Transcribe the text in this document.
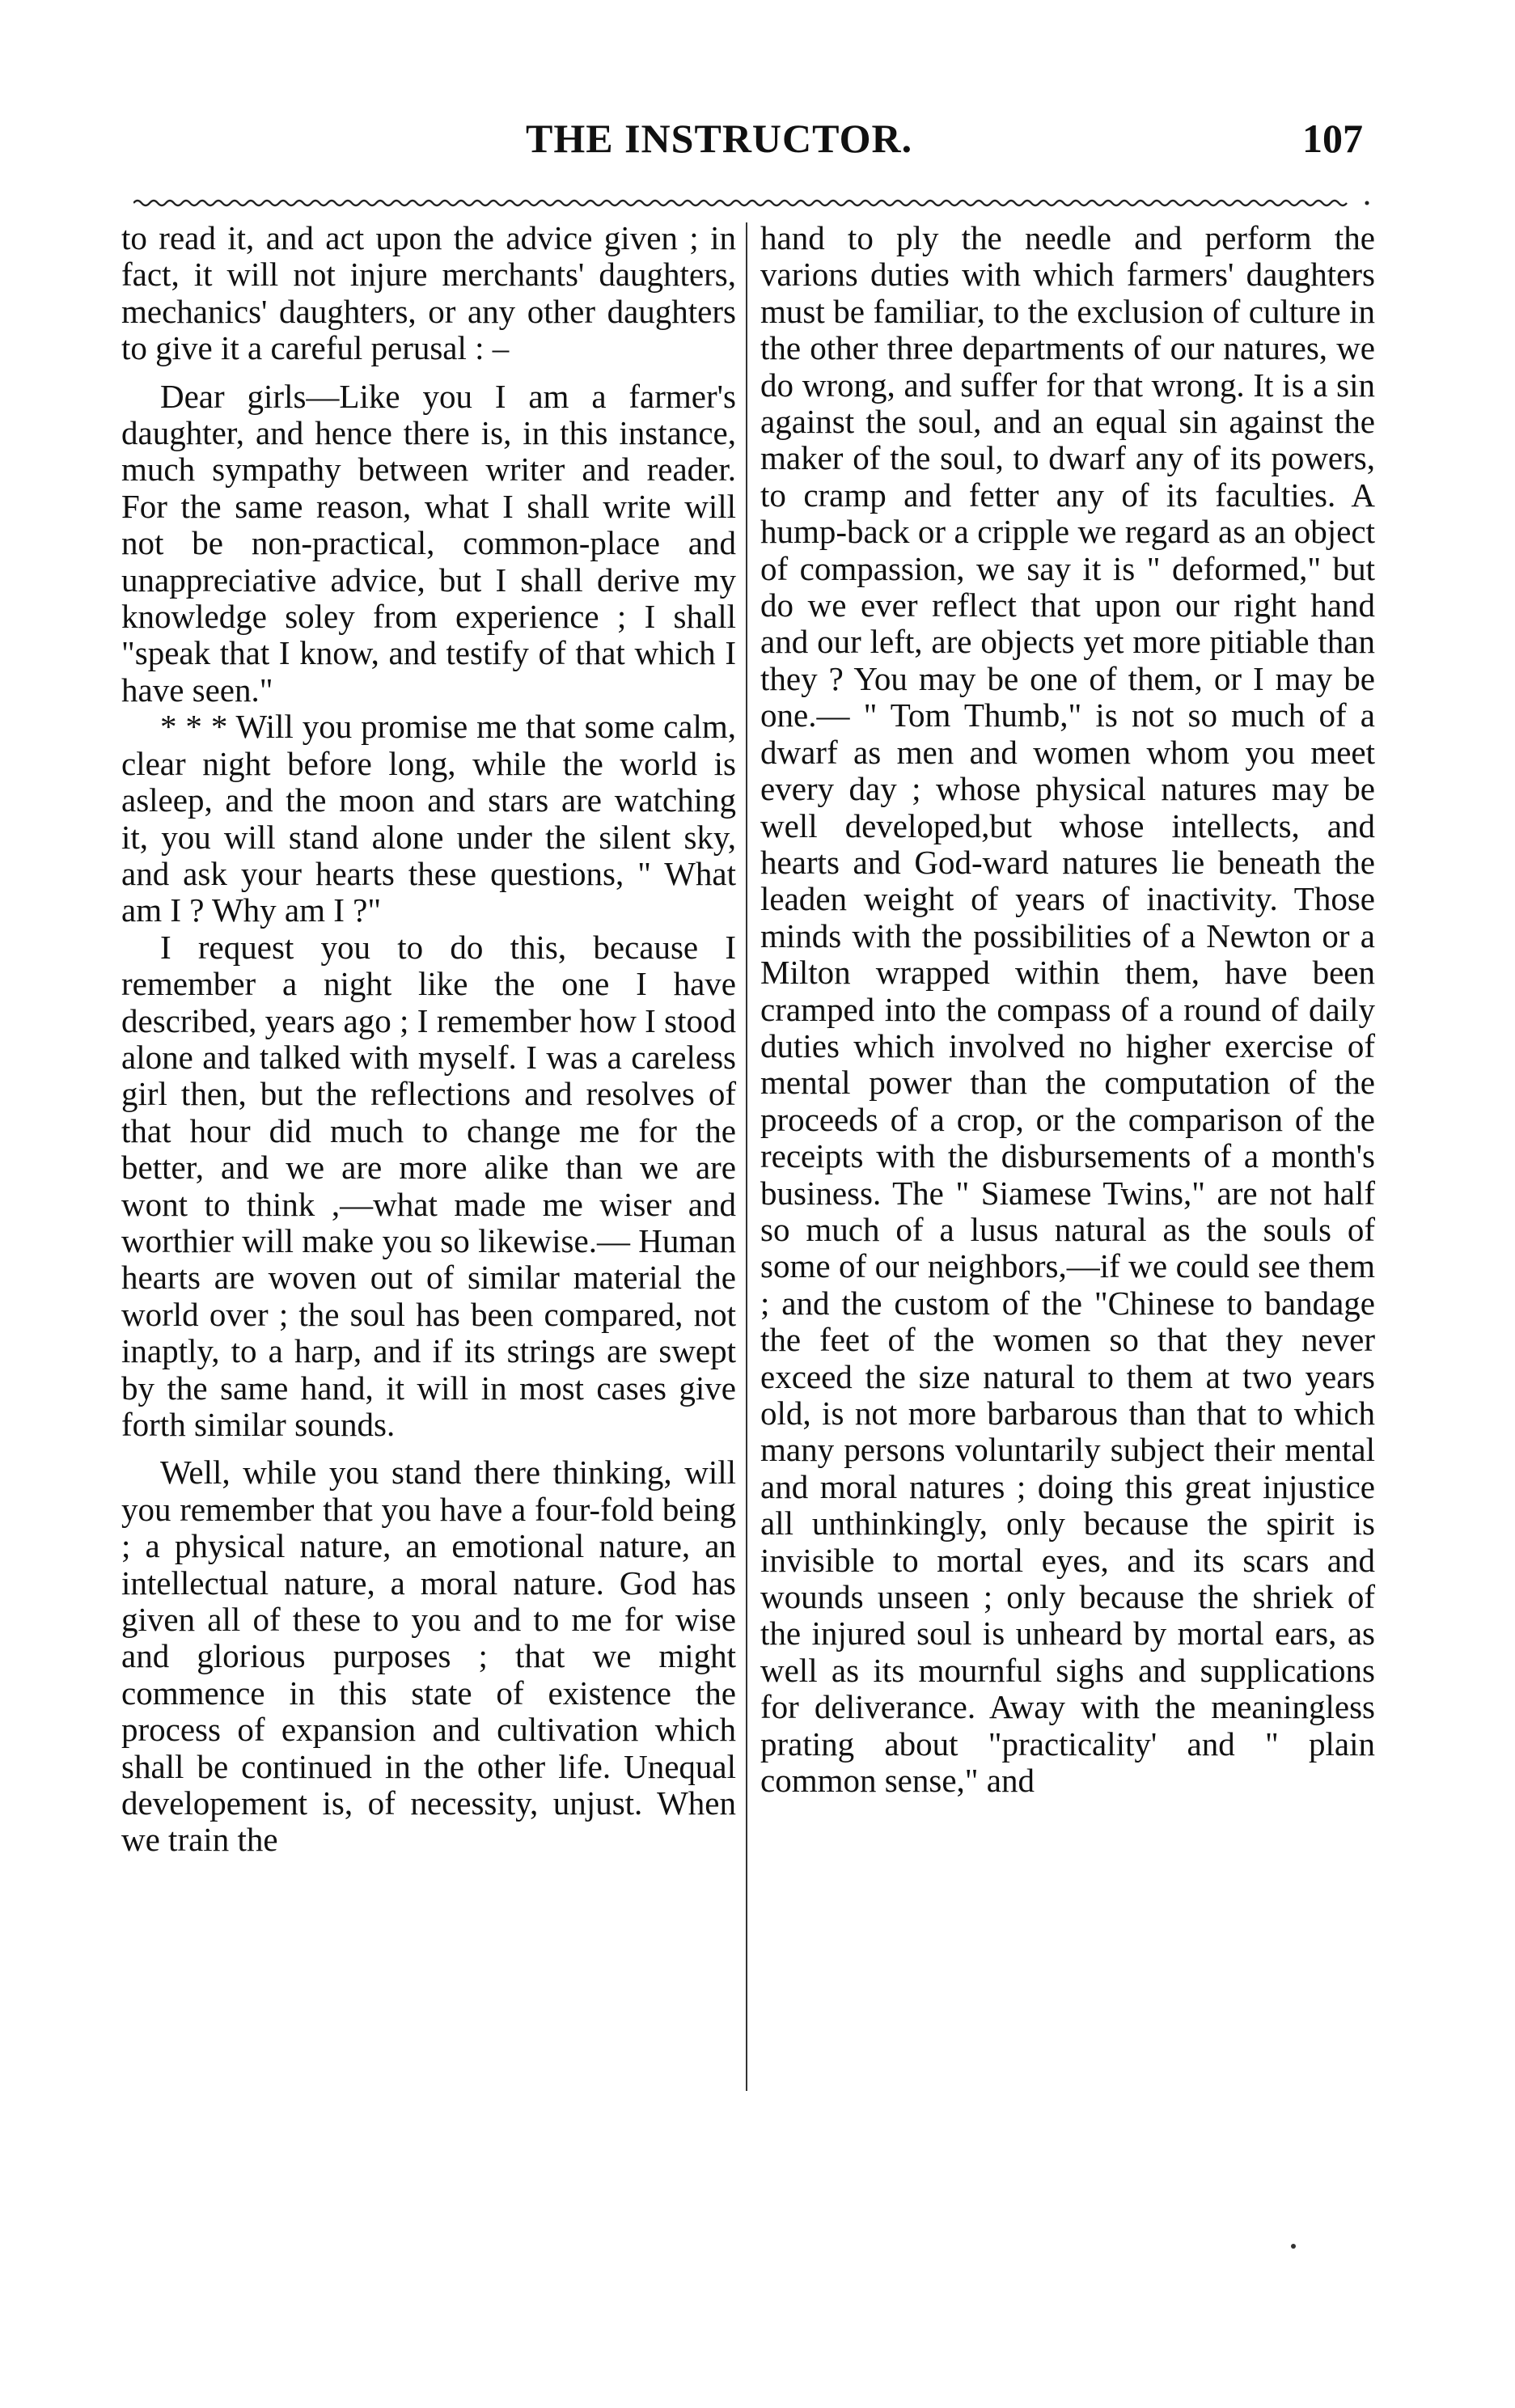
THE INSTRUCTOR.	107

to read it, and act upon the advice given ; in fact, it will not injure merchants' daughters, mechanics' daughters, or any other daughters to give it a careful perusal : –

Dear girls—Like you I am a farmer's daughter, and hence there is, in this instance, much sympathy between writer and reader. For the same reason, what I shall write will not be non-practical, common-place and unappreciative advice, but I shall derive my knowledge soley from experience ; I shall "speak that I know, and testify of that which I have seen."

* * * Will you promise me that some calm, clear night before long, while the world is asleep, and the moon and stars are watching it, you will stand alone under the silent sky, and ask your hearts these questions, " What am I ? Why am I ?"

I request you to do this, because I remember a night like the one I have described, years ago ; I remember how I stood alone and talked with myself. I was a careless girl then, but the reflections and resolves of that hour did much to change me for the better, and we are more alike than we are wont to think ,—what made me wiser and worthier will make you so likewise.— Human hearts are woven out of similar material the world over ; the soul has been compared, not inaptly, to a harp, and if its strings are swept by the same hand, it will in most cases give forth similar sounds.

Well, while you stand there thinking, will you remember that you have a four-fold being ; a physical nature, an emotional nature, an intellectual nature, a moral nature. God has given all of these to you and to me for wise and glorious purposes ; that we might commence in this state of existence the process of expansion and cultivation which shall be continued in the other life. Unequal developement is, of necessity, unjust. When we train the

hand to ply the needle and perform the varions duties with which farmers' daughters must be familiar, to the exclusion of culture in the other three departments of our natures, we do wrong, and suffer for that wrong. It is a sin against the soul, and an equal sin against the maker of the soul, to dwarf any of its powers, to cramp and fetter any of its faculties. A hump-back or a cripple we regard as an object of compassion, we say it is " deformed," but do we ever reflect that upon our right hand and our left, are objects yet more pitiable than they ? You may be one of them, or I may be one.— " Tom Thumb," is not so much of a dwarf as men and women whom you meet every day ; whose physical natures may be well developed,but whose intellects, and hearts and God-ward natures lie beneath the leaden weight of years of inactivity. Those minds with the possibilities of a Newton or a Milton wrapped within them, have been cramped into the compass of a round of daily duties which involved no higher exercise of mental power than the computation of the proceeds of a crop, or the comparison of the receipts with the disbursements of a month's business. The " Siamese Twins," are not half so much of a lusus natural as the souls of some of our neighbors,—if we could see them ; and the custom of the "Chinese to bandage the feet of the women so that they never exceed the size natural to them at two years old, is not more barbarous than that to which many persons voluntarily subject their mental and moral natures ; doing this great injustice all unthinkingly, only because the spirit is invisible to mortal eyes, and its scars and wounds unseen ; only because the shriek of the injured soul is unheard by mortal ears, as well as its mournful sighs and supplications for deliverance. Away with the meaningless prating about "practicality' and " plain common sense," and
